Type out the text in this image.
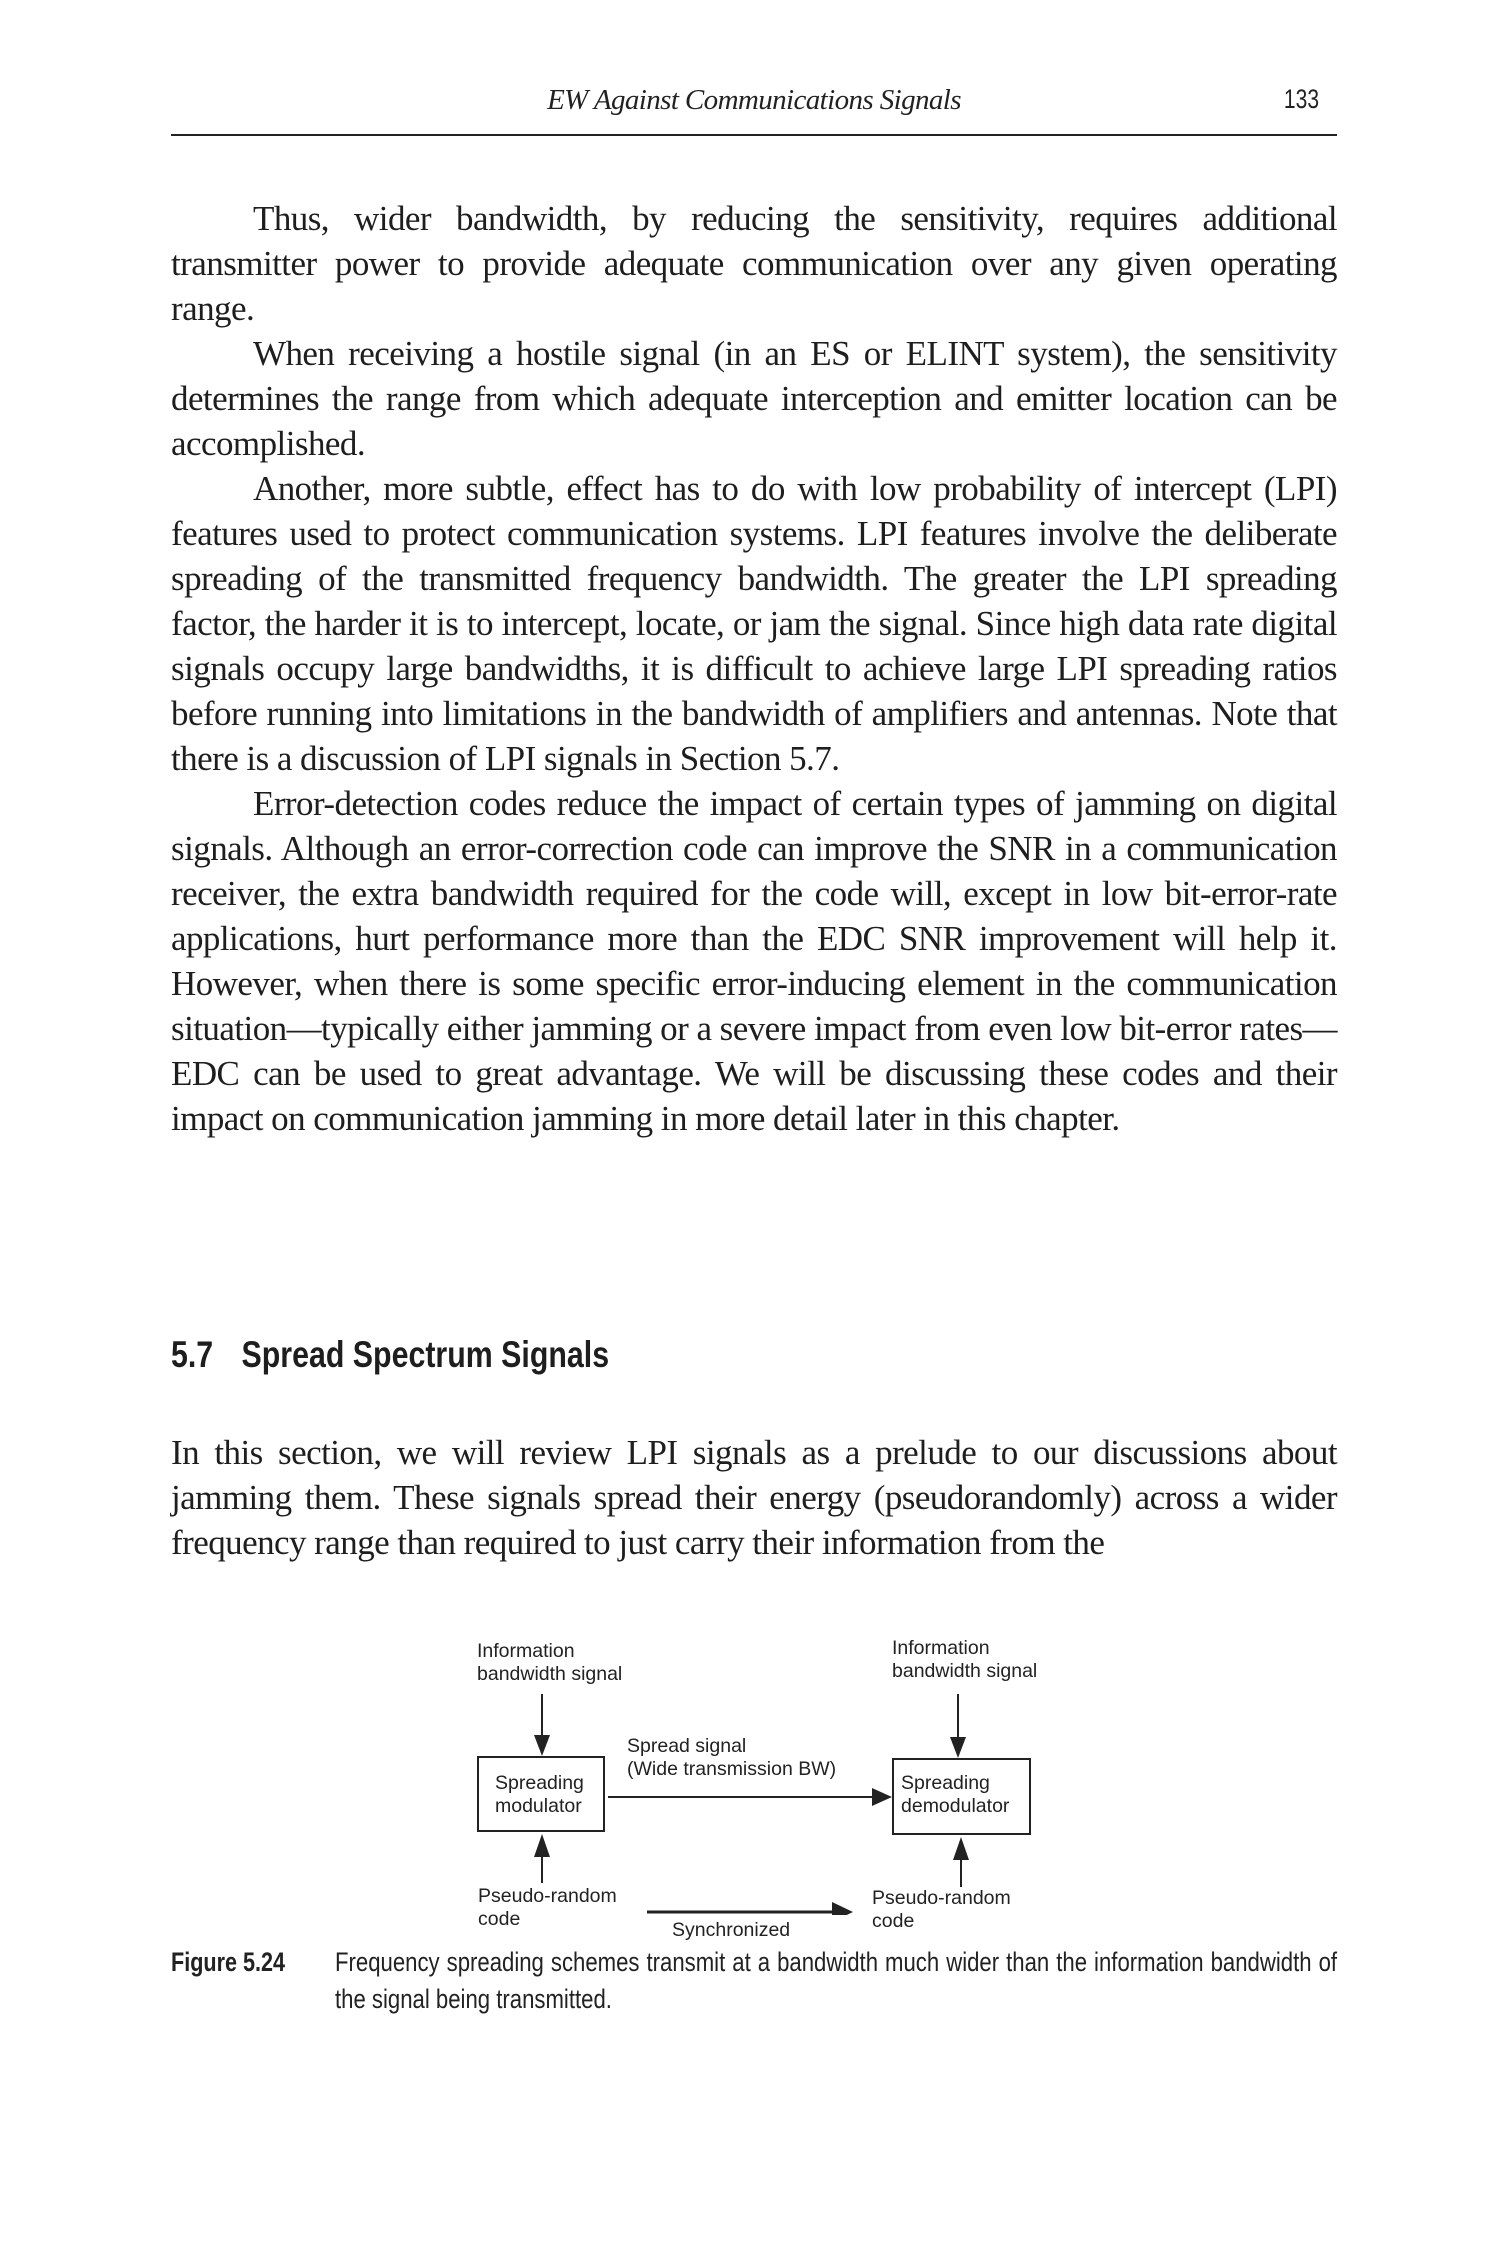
EW Against Communications Signals	133

Thus, wider bandwidth, by reducing the sensitivity, requires additional transmitter power to provide adequate communication over any given operating range.

When receiving a hostile signal (in an ES or ELINT system), the sensitivity determines the range from which adequate interception and emitter location can be accomplished.

Another, more subtle, effect has to do with low probability of intercept (LPI) features used to protect communication systems. LPI features involve the deliberate spreading of the transmitted frequency bandwidth. The greater the LPI spreading factor, the harder it is to intercept, locate, or jam the signal. Since high data rate digital signals occupy large bandwidths, it is difficult to achieve large LPI spreading ratios before running into limitations in the bandwidth of amplifiers and antennas. Note that there is a discussion of LPI signals in Section 5.7.

Error-detection codes reduce the impact of certain types of jamming on digital signals. Although an error-correction code can improve the SNR in a communication receiver, the extra bandwidth required for the code will, except in low bit-error-rate applications, hurt performance more than the EDC SNR improvement will help it. However, when there is some specific error-inducing element in the communication situation—typically either jamming or a severe impact from even low bit-error rates—EDC can be used to great advantage. We will be discussing these codes and their impact on communication jamming in more detail later in this chapter.

5.7 Spread Spectrum Signals

In this section, we will review LPI signals as a prelude to our discussions about jamming them. These signals spread their energy (pseudorandomly) across a wider frequency range than required to just carry their information from the

Information
bandwidth signal
Information
bandwidth signal
Spreading
modulator
Spreading
demodulator
Spread signal
(Wide transmission BW)
Pseudo-random
code
Pseudo-random
code
Synchronized
Figure 5.24 Frequency spreading schemes transmit at a bandwidth much wider than the information bandwidth of the signal being transmitted.
